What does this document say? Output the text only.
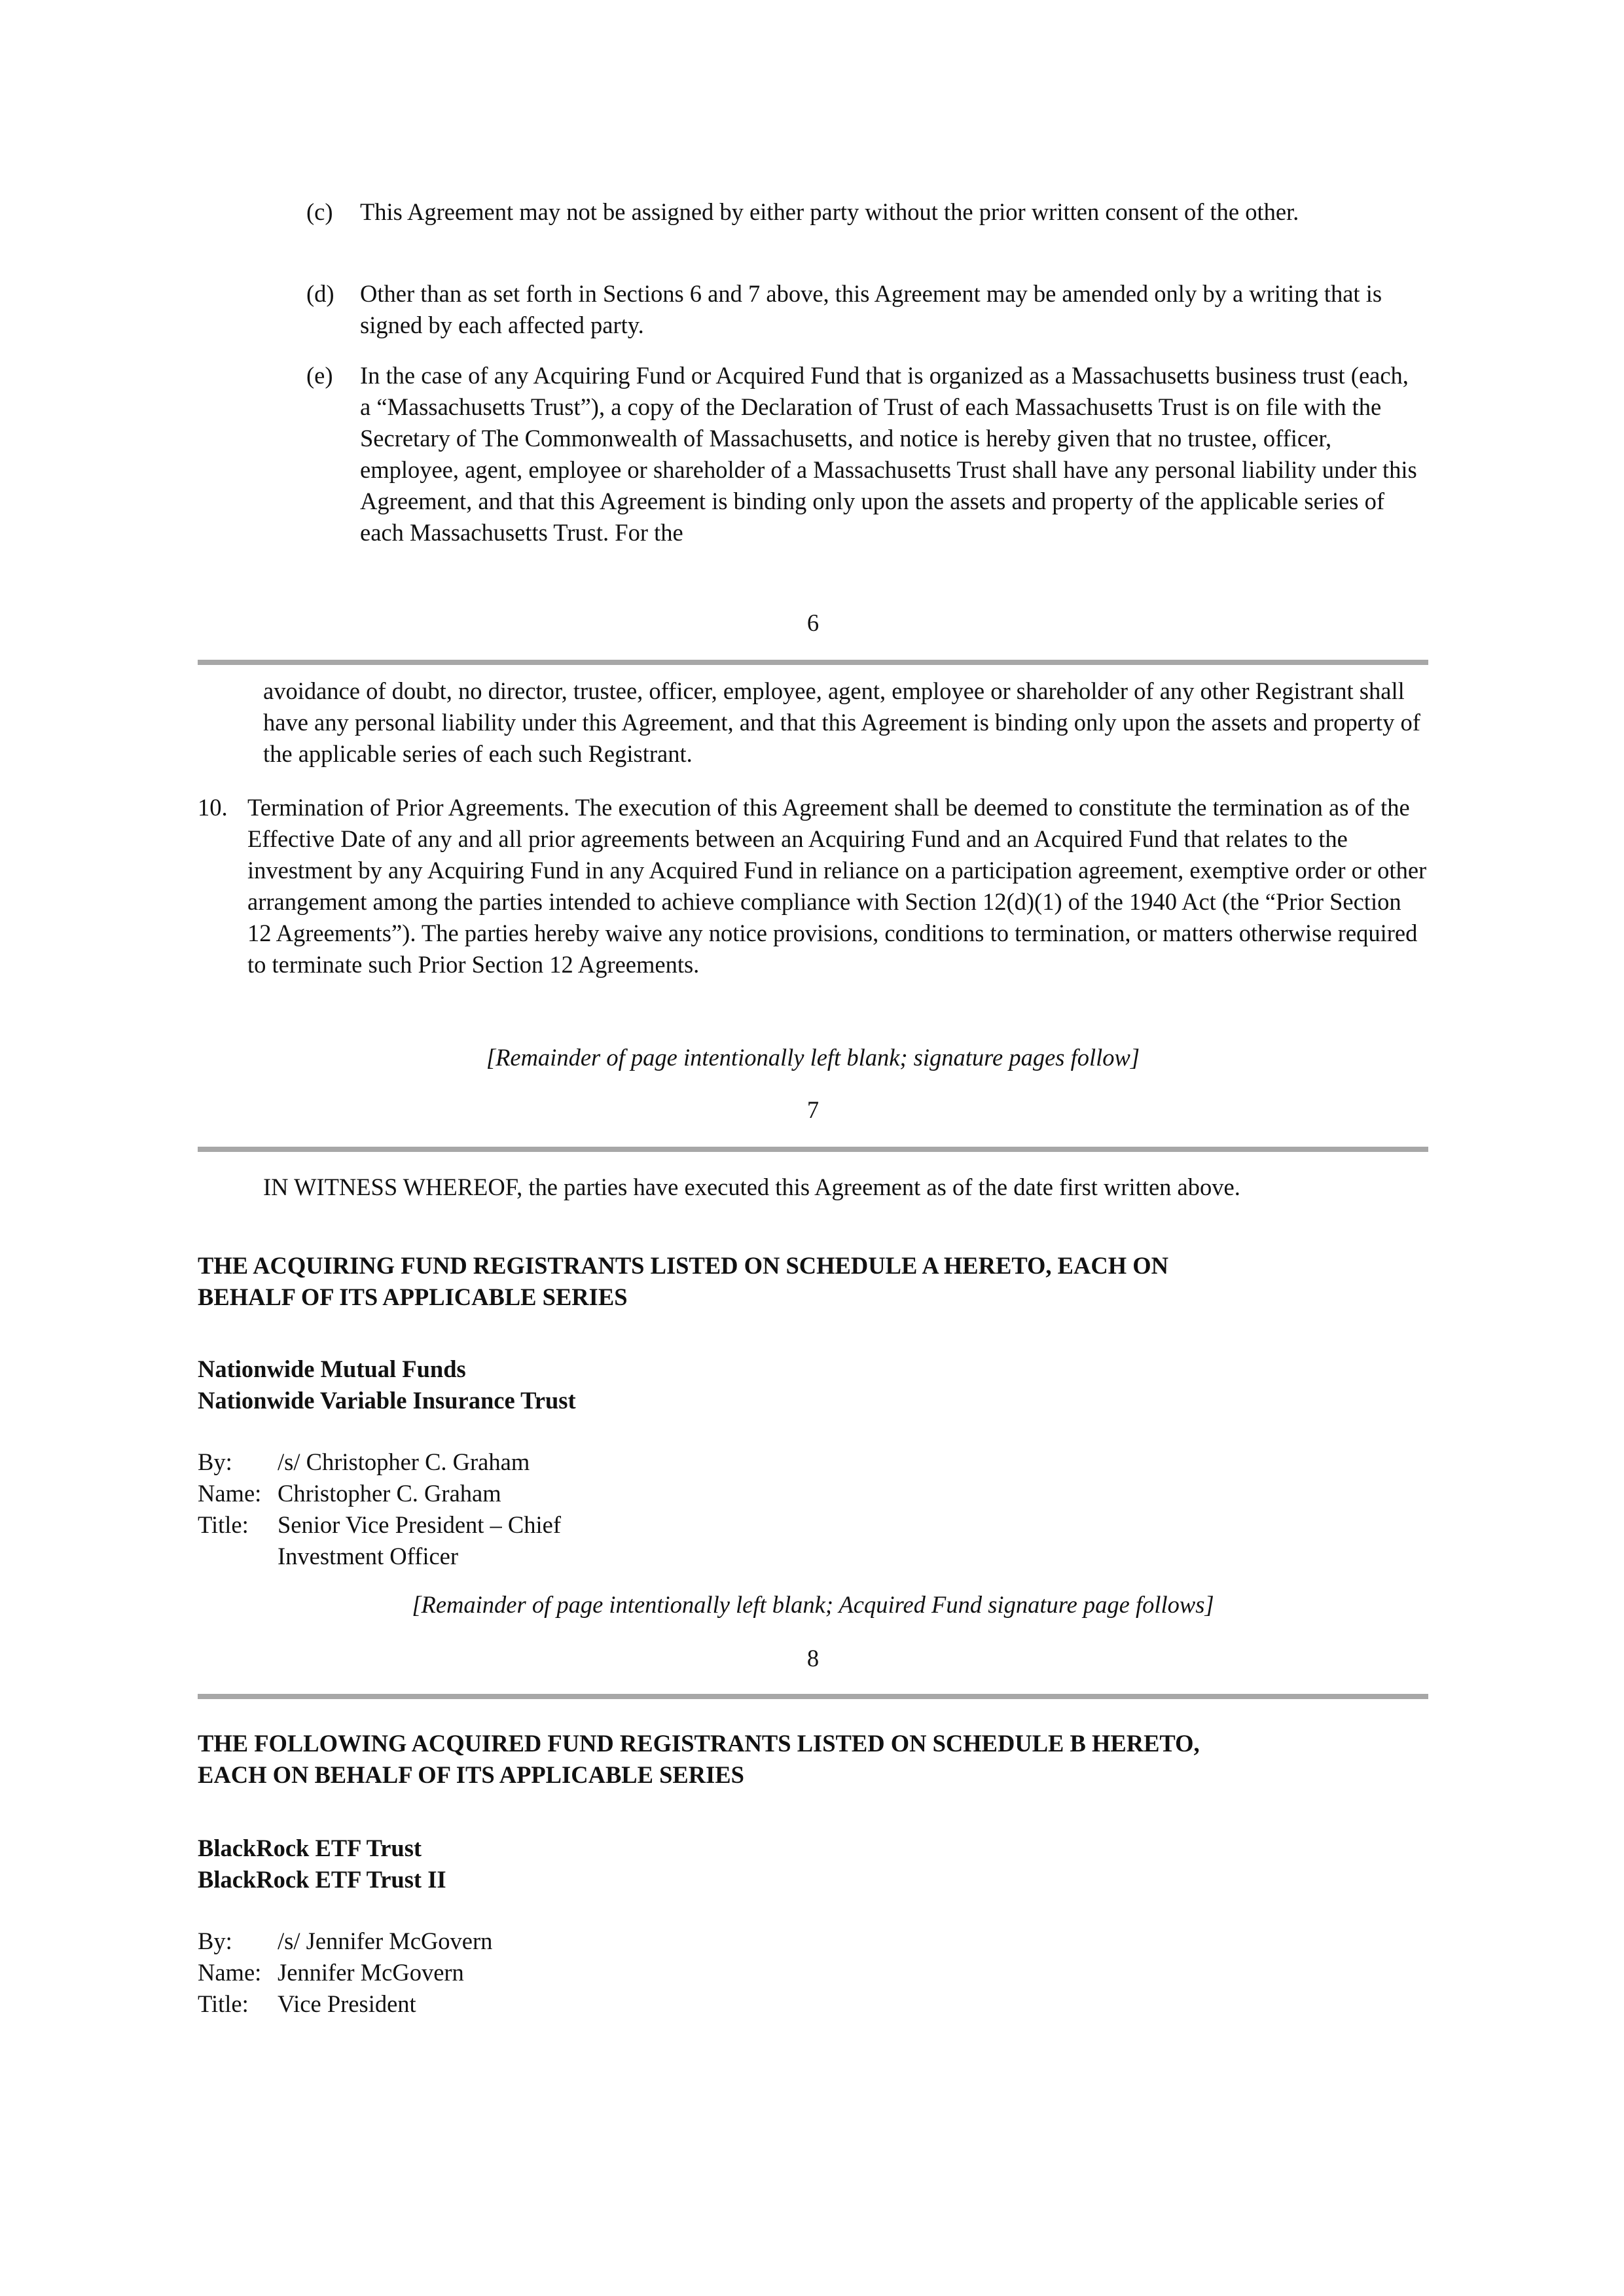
(c) This Agreement may not be assigned by either party without the prior written consent of the other.
(d) Other than as set forth in Sections 6 and 7 above, this Agreement may be amended only by a writing that is signed by each affected party.
(e) In the case of any Acquiring Fund or Acquired Fund that is organized as a Massachusetts business trust (each, a “Massachusetts Trust”), a copy of the Declaration of Trust of each Massachusetts Trust is on file with the Secretary of The Commonwealth of Massachusetts, and notice is hereby given that no trustee, officer, employee, agent, employee or shareholder of a Massachusetts Trust shall have any personal liability under this Agreement, and that this Agreement is binding only upon the assets and property of the applicable series of each Massachusetts Trust. For the
6
avoidance of doubt, no director, trustee, officer, employee, agent, employee or shareholder of any other Registrant shall have any personal liability under this Agreement, and that this Agreement is binding only upon the assets and property of the applicable series of each such Registrant.
10. Termination of Prior Agreements. The execution of this Agreement shall be deemed to constitute the termination as of the Effective Date of any and all prior agreements between an Acquiring Fund and an Acquired Fund that relates to the investment by any Acquiring Fund in any Acquired Fund in reliance on a participation agreement, exemptive order or other arrangement among the parties intended to achieve compliance with Section 12(d)(1) of the 1940 Act (the “Prior Section 12 Agreements”). The parties hereby waive any notice provisions, conditions to termination, or matters otherwise required to terminate such Prior Section 12 Agreements.
[Remainder of page intentionally left blank; signature pages follow]
7
IN WITNESS WHEREOF, the parties have executed this Agreement as of the date first written above.
THE ACQUIRING FUND REGISTRANTS LISTED ON SCHEDULE A HERETO, EACH ON
BEHALF OF ITS APPLICABLE SERIES
Nationwide Mutual Funds
Nationwide Variable Insurance Trust
By: /s/ Christopher C. Graham
Name: Christopher C. Graham
Title: Senior Vice President – Chief
Investment Officer
[Remainder of page intentionally left blank; Acquired Fund signature page follows]
8
THE FOLLOWING ACQUIRED FUND REGISTRANTS LISTED ON SCHEDULE B HERETO,
EACH ON BEHALF OF ITS APPLICABLE SERIES
BlackRock ETF Trust
BlackRock ETF Trust II
By: /s/ Jennifer McGovern
Name: Jennifer McGovern
Title: Vice President
